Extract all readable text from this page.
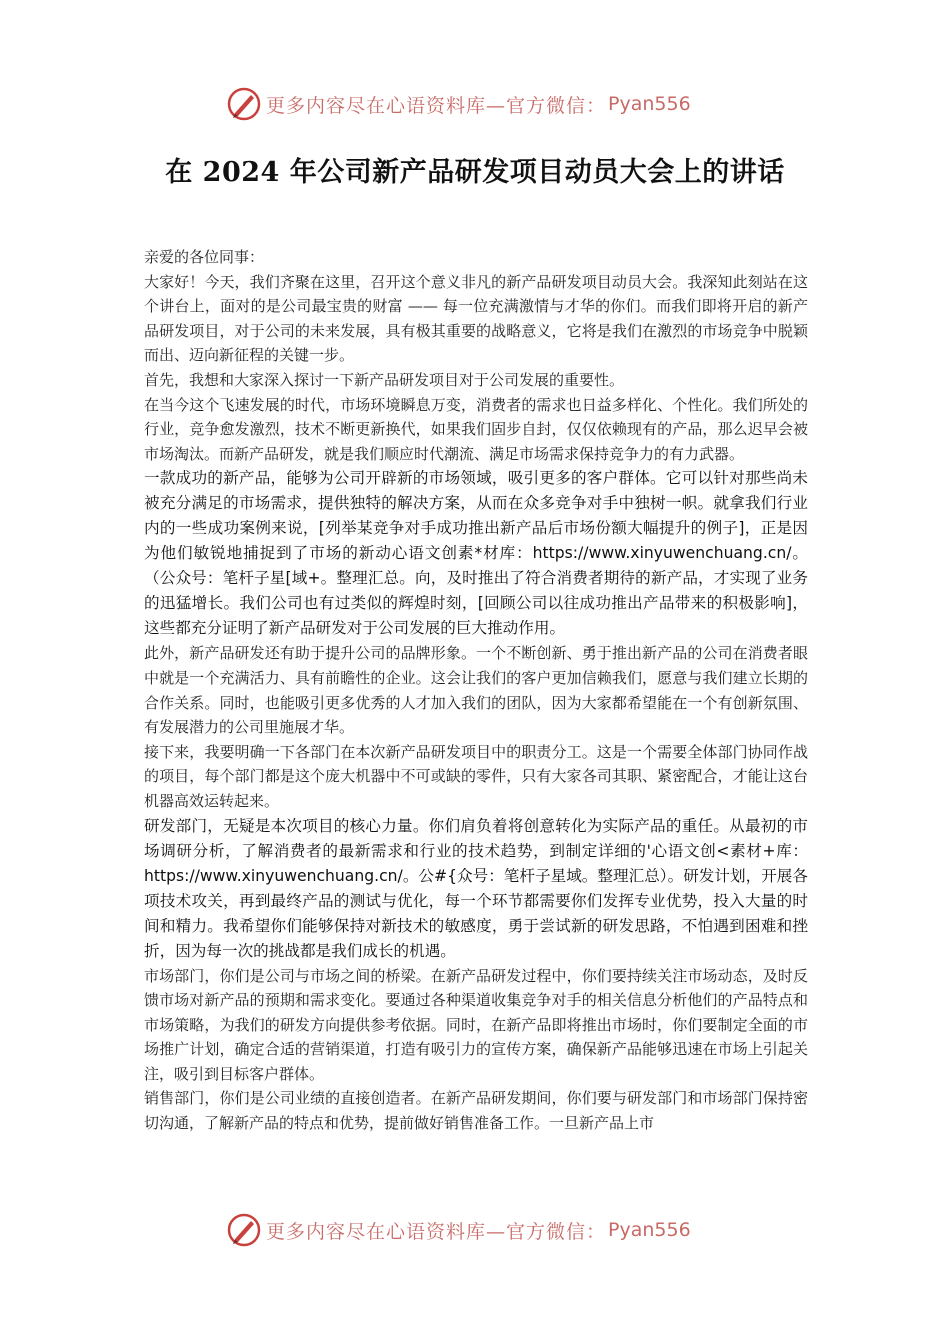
更多内容尽在心语资料库—官方微信： Pyan556
在 2024 年公司新产品研发项目动员大会上的讲话

亲爱的各位同事：

大家好！今天，我们齐聚在这里，召开这个意义非凡的新产品研发项目动员大会。我深知此刻站在这个讲台上，面对的是公司最宝贵的财富 —— 每一位充满激情与才华的你们。而我们即将开启的新产品研发项目，对于公司的未来发展，具有极其重要的战略意义，它将是我们在激烈的市场竞争中脱颖而出、迈向新征程的关键一步。

首先，我想和大家深入探讨一下新产品研发项目对于公司发展的重要性。

在当今这个飞速发展的时代，市场环境瞬息万变，消费者的需求也日益多样化、个性化。我们所处的行业，竞争愈发激烈，技术不断更新换代，如果我们固步自封，仅仅依赖现有的产品，那么迟早会被市场淘汰。而新产品研发，就是我们顺应时代潮流、满足市场需求保持竞争力的有力武器。

一款成功的新产品，能够为公司开辟新的市场领域，吸引更多的客户群体。它可以针对那些尚未被充分满足的市场需求，提供独特的解决方案，从而在众多竞争对手中独树一帜。就拿我们行业内的一些成功案例来说，[列举某竞争对手成功推出新产品后市场份额大幅提升的例子]，正是因为他们敏锐地捕捉到了市场的新动心语文创素*材库：https://www.xinyuwenchuang.cn/。（公众号：笔杆子星[域+。整理汇总。向，及时推出了符合消费者期待的新产品，才实现了业务的迅猛增长。我们公司也有过类似的辉煌时刻，[回顾公司以往成功推出产品带来的积极影响]，这些都充分证明了新产品研发对于公司发展的巨大推动作用。

此外，新产品研发还有助于提升公司的品牌形象。一个不断创新、勇于推出新产品的公司在消费者眼中就是一个充满活力、具有前瞻性的企业。这会让我们的客户更加信赖我们，愿意与我们建立长期的合作关系。同时，也能吸引更多优秀的人才加入我们的团队，因为大家都希望能在一个有创新氛围、有发展潜力的公司里施展才华。

接下来，我要明确一下各部门在本次新产品研发项目中的职责分工。这是一个需要全体部门协同作战的项目，每个部门都是这个庞大机器中不可或缺的零件，只有大家各司其职、紧密配合，才能让这台机器高效运转起来。

研发部门，无疑是本次项目的核心力量。你们肩负着将创意转化为实际产品的重任。从最初的市场调研分析，了解消费者的最新需求和行业的技术趋势，到制定详细的'心语文创<素材+库：https://www.xinyuwenchuang.cn/。公#{众号：笔杆子星域。整理汇总）。研发计划，开展各项技术攻关，再到最终产品的测试与优化，每一个环节都需要你们发挥专业优势，投入大量的时间和精力。我希望你们能够保持对新技术的敏感度，勇于尝试新的研发思路，不怕遇到困难和挫折，因为每一次的挑战都是我们成长的机遇。

市场部门，你们是公司与市场之间的桥梁。在新产品研发过程中，你们要持续关注市场动态，及时反馈市场对新产品的预期和需求变化。要通过各种渠道收集竞争对手的相关信息分析他们的产品特点和市场策略，为我们的研发方向提供参考依据。同时，在新产品即将推出市场时，你们要制定全面的市场推广计划，确定合适的营销渠道，打造有吸引力的宣传方案，确保新产品能够迅速在市场上引起关注，吸引到目标客户群体。

销售部门，你们是公司业绩的直接创造者。在新产品研发期间，你们要与研发部门和市场部门保持密切沟通，了解新产品的特点和优势，提前做好销售准备工作。一旦新产品上市

更多内容尽在心语资料库—官方微信： Pyan556
